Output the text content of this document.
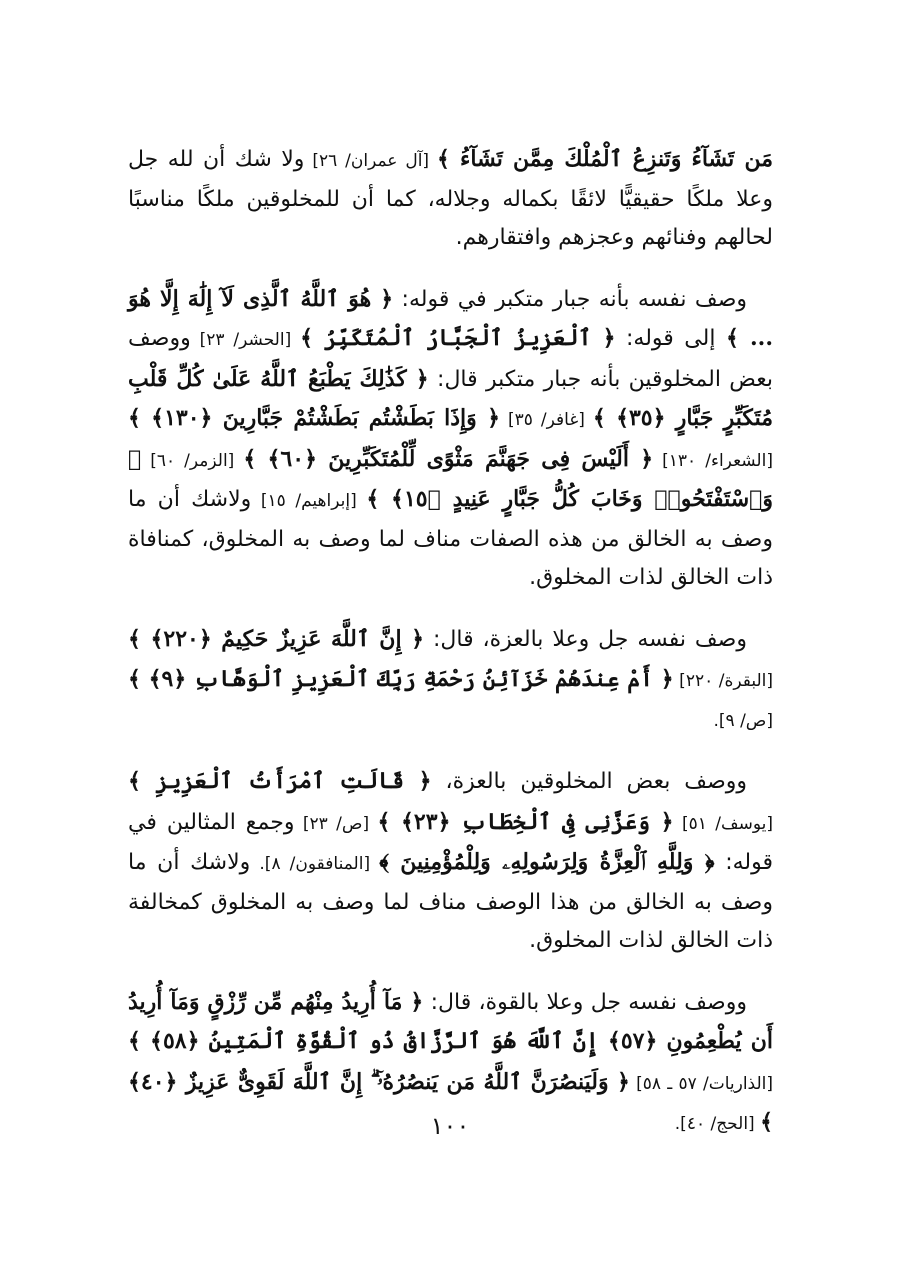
مَن تَشَآءُ وَتَنزِعُ ٱلْمُلْكَ مِمَّن تَشَآءُ ﴾ [آل عمران/ ٢٦] ولا شك أن لله جل وعلا ملكًا حقيقيًّا لائقًا بكماله وجلاله، كما أن للمخلوقين ملكًا مناسبًا لحالهم وفنائهم وعجزهم وافتقارهم.

وصف نفسه بأنه جبار متكبر في قوله: ﴿ هُوَ ٱللَّهُ ٱلَّذِى لَآ إِلَٰهَ إِلَّا هُوَ ... ﴾ إلى قوله: ﴿ ٱلْعَزِيزُ ٱلْجَبَّارُ ٱلْمُتَكَبِّرُ ﴾ [الحشر/ ٢٣] ووصف بعض المخلوقين بأنه جبار متكبر قال: ﴿ كَذَٰلِكَ يَطْبَعُ ٱللَّهُ عَلَىٰ كُلِّ قَلْبِ مُتَكَبِّرٍ جَبَّارٍ ﴿٣٥﴾ ﴾ [غافر/ ٣٥] ﴿ وَإِذَا بَطَشْتُم بَطَشْتُمْ جَبَّارِينَ ﴿١٣٠﴾ ﴾ [الشعراء/ ١٣٠] ﴿ أَلَيْسَ فِى جَهَنَّمَ مَثْوًى لِّلْمُتَكَبِّرِينَ ﴿٦٠﴾ ﴾ [الزمر/ ٦٠] ﴿ وَٱسْتَفْتَحُوا۟ وَخَابَ كُلُّ جَبَّارٍ عَنِيدٍ ﴿١٥﴾ ﴾ [إبراهيم/ ١٥] ولاشك أن ما وصف به الخالق من هذه الصفات مناف لما وصف به المخلوق، كمنافاة ذات الخالق لذات المخلوق.

وصف نفسه جل وعلا بالعزة، قال: ﴿ إِنَّ ٱللَّهَ عَزِيزٌ حَكِيمٌ ﴿٢٢٠﴾ ﴾ [البقرة/ ٢٢٠] ﴿ أَمْ عِندَهُمْ خَزَآئِنُ رَحْمَةِ رَبِّكَ ٱلْعَزِيزِ ٱلْوَهَّابِ ﴿٩﴾ ﴾ [ص/ ٩].

ووصف بعض المخلوقين بالعزة، ﴿ قَالَتِ ٱمْرَأَتُ ٱلْعَزِيزِ ﴾ [يوسف/ ٥١] ﴿ وَعَزَّنِى فِى ٱلْخِطَابِ ﴿٢٣﴾ ﴾ [ص/ ٢٣] وجمع المثالين في قوله: ﴿ وَلِلَّهِ ٱلْعِزَّةُ وَلِرَسُولِهِۦ وَلِلْمُؤْمِنِينَ ﴾ [المنافقون/ ٨]. ولاشك أن ما وصف به الخالق من هذا الوصف مناف لما وصف به المخلوق كمخالفة ذات الخالق لذات المخلوق.

ووصف نفسه جل وعلا بالقوة، قال: ﴿ مَآ أُرِيدُ مِنْهُم مِّن رِّزْقٍ وَمَآ أُرِيدُ أَن يُطْعِمُونِ ﴿٥٧﴾ إِنَّ ٱللَّهَ هُوَ ٱلرَّزَّاقُ ذُو ٱلْقُوَّةِ ٱلْمَتِينُ ﴿٥٨﴾ ﴾ [الذاريات/ ٥٧ ـ ٥٨] ﴿ وَلَيَنصُرَنَّ ٱللَّهُ مَن يَنصُرُهُۥٓ ۗ إِنَّ ٱللَّهَ لَقَوِىٌّ عَزِيزٌ ﴿٤٠﴾ ﴾ [الحج/ ٤٠].

١٠٠
